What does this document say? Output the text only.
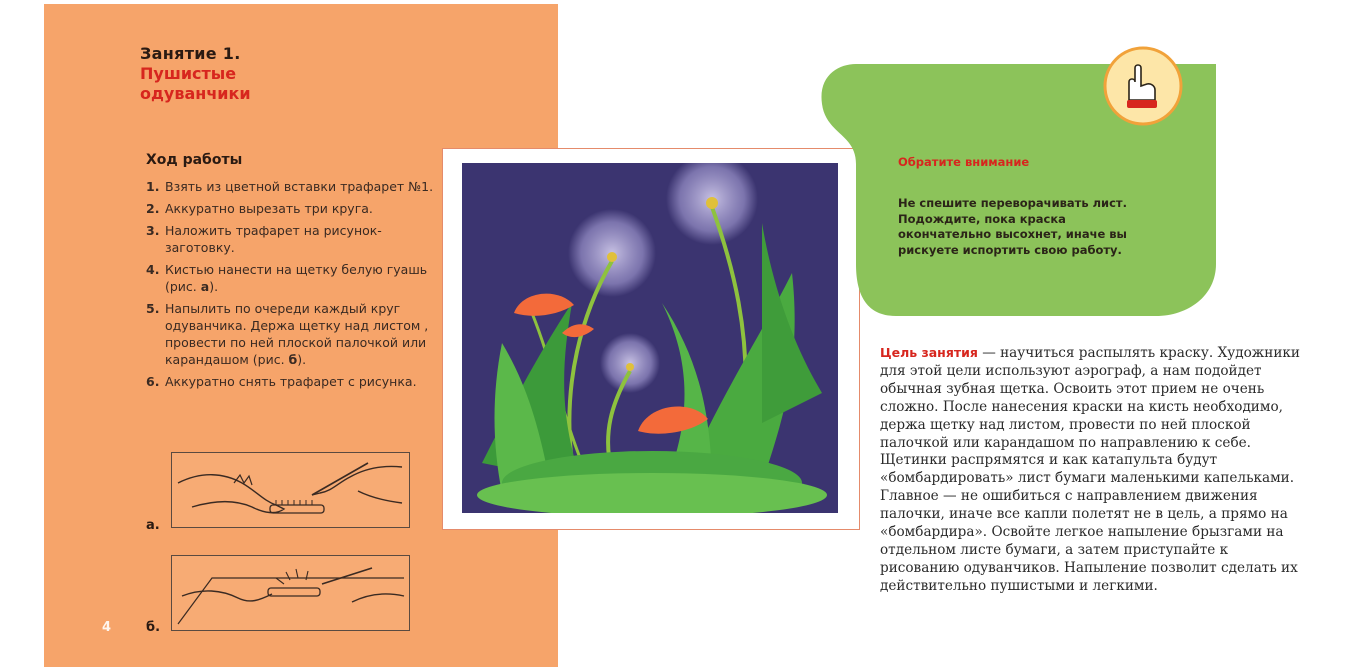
Занятие 1.
Пушистые одуванчики
Ход работы
1. Взять из цветной вставки трафарет №1.
2. Аккуратно вырезать три круга.
3. Наложить трафарет на рисунок-заготовку.
4. Кистью нанести на щетку белую гуашь (рис. а).
5. Напылить по очереди каждый круг одуванчика. Держа щетку над листом , провести по ней плоской палочкой или карандашом (рис. б).
6. Аккуратно снять трафарет с рисунка.
а.
б.
4
Обратите внимание
Не спешите переворачивать лист. Подождите, пока краска окончательно высохнет, иначе вы рискуете испортить свою работу.
Цель занятия — научиться распылять краску. Художники для этой цели используют аэрограф, а нам подойдет обычная зубная щетка. Освоить этот прием не очень сложно. После нанесения краски на кисть необходимо, держа щетку над листом, провести по ней плоской палочкой или карандашом по направлению к себе. Щетинки распрямятся и как катапульта будут «бомбардировать» лист бумаги маленькими капельками. Главное — не ошибиться с направлением движения палочки, иначе все капли полетят не в цель, а прямо на «бомбардира». Освойте легкое напыление брызгами на отдельном листе бумаги, а затем приступайте к рисованию одуванчиков. Напыление позволит сделать их действительно пушистыми и легкими.
